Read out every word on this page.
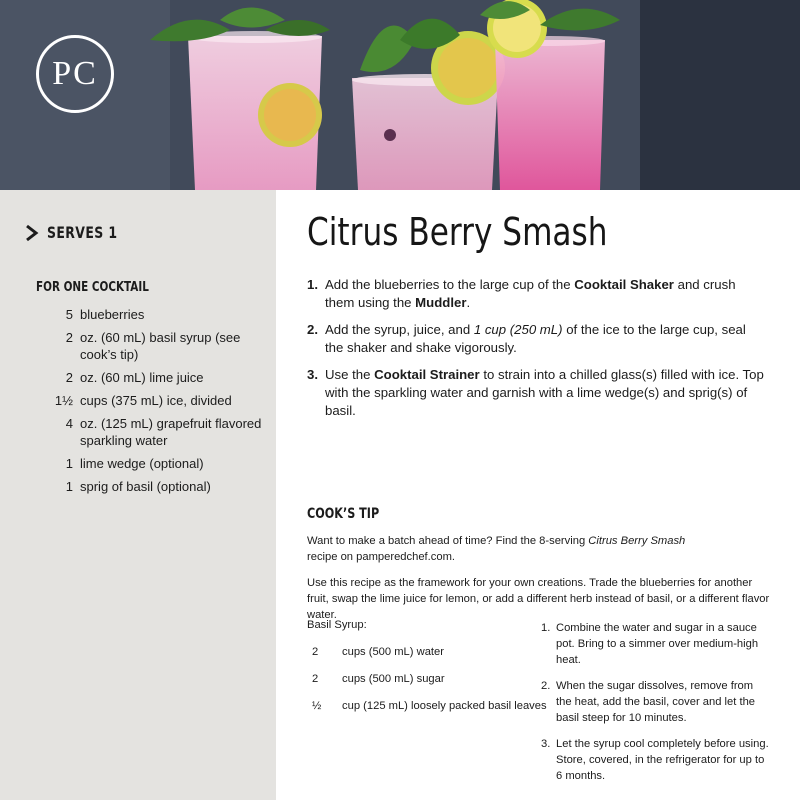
PC
SERVES 1
FOR ONE COCKTAIL
5 blueberries
2 oz. (60 mL) basil syrup (see cook’s tip)
2 oz. (60 mL) lime juice
1½ cups (375 mL) ice, divided
4 oz. (125 mL) grapefruit flavored sparkling water
1 lime wedge (optional)
1 sprig of basil (optional)
Citrus Berry Smash
1. Add the blueberries to the large cup of the Cooktail Shaker and crush them using the Muddler.
2. Add the syrup, juice, and 1 cup (250 mL) of the ice to the large cup, seal the shaker and shake vigorously.
3. Use the Cooktail Strainer to strain into a chilled glass(s) filled with ice. Top with the sparkling water and garnish with a lime wedge(s) and sprig(s) of basil.
COOK’S TIP

Want to make a batch ahead of time? Find the 8-serving Citrus Berry Smash recipe on pamperedchef.com.

Use this recipe as the framework for your own creations. Trade the blueberries for another fruit, swap the lime juice for lemon, or add a different herb instead of basil, or a different flavor water.

Basil Syrup:
2	cups (500 mL) water
2	cups (500 mL) sugar
½	cup (125 mL) loosely packed basil leaves
1. Combine the water and sugar in a sauce pot. Bring to a simmer over medium-high heat.
2. When the sugar dissolves, remove from the heat, add the basil, cover and let the basil steep for 10 minutes.
3. Let the syrup cool completely before using. Store, covered, in the refrigerator for up to 6 months.
